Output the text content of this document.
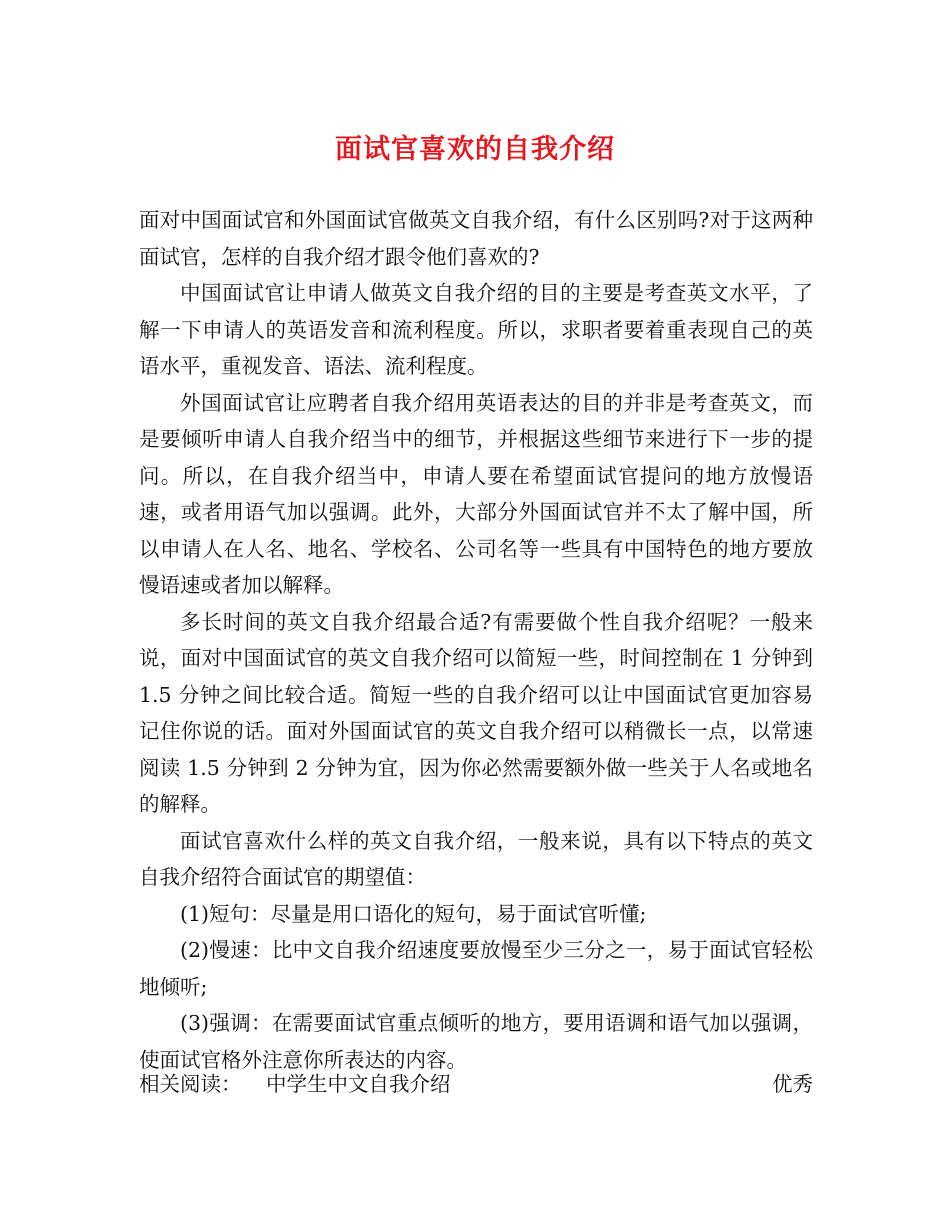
面试官喜欢的自我介绍

面对中国面试官和外国面试官做英文自我介绍，有什么区别吗?对于这两种面试官，怎样的自我介绍才跟令他们喜欢的?

中国面试官让申请人做英文自我介绍的目的主要是考查英文水平，了解一下申请人的英语发音和流利程度。所以，求职者要着重表现自己的英语水平，重视发音、语法、流利程度。

外国面试官让应聘者自我介绍用英语表达的目的并非是考查英文，而是要倾听申请人自我介绍当中的细节，并根据这些细节来进行下一步的提问。所以，在自我介绍当中，申请人要在希望面试官提问的地方放慢语速，或者用语气加以强调。此外，大部分外国面试官并不太了解中国，所以申请人在人名、地名、学校名、公司名等一些具有中国特色的地方要放慢语速或者加以解释。

多长时间的英文自我介绍最合适?有需要做个性自我介绍呢？一般来说，面对中国面试官的英文自我介绍可以简短一些，时间控制在 1 分钟到 1.5 分钟之间比较合适。简短一些的自我介绍可以让中国面试官更加容易记住你说的话。面对外国面试官的英文自我介绍可以稍微长一点，以常速阅读 1.5 分钟到 2 分钟为宜，因为你必然需要额外做一些关于人名或地名的解释。

面试官喜欢什么样的英文自我介绍，一般来说，具有以下特点的英文自我介绍符合面试官的期望值：

(1)短句：尽量是用口语化的短句，易于面试官听懂;

(2)慢速：比中文自我介绍速度要放慢至少三分之一，易于面试官轻松地倾听;

(3)强调：在需要面试官重点倾听的地方，要用语调和语气加以强调，使面试官格外注意你所表达的内容。

相关阅读： 中学生中文自我介绍	优秀
